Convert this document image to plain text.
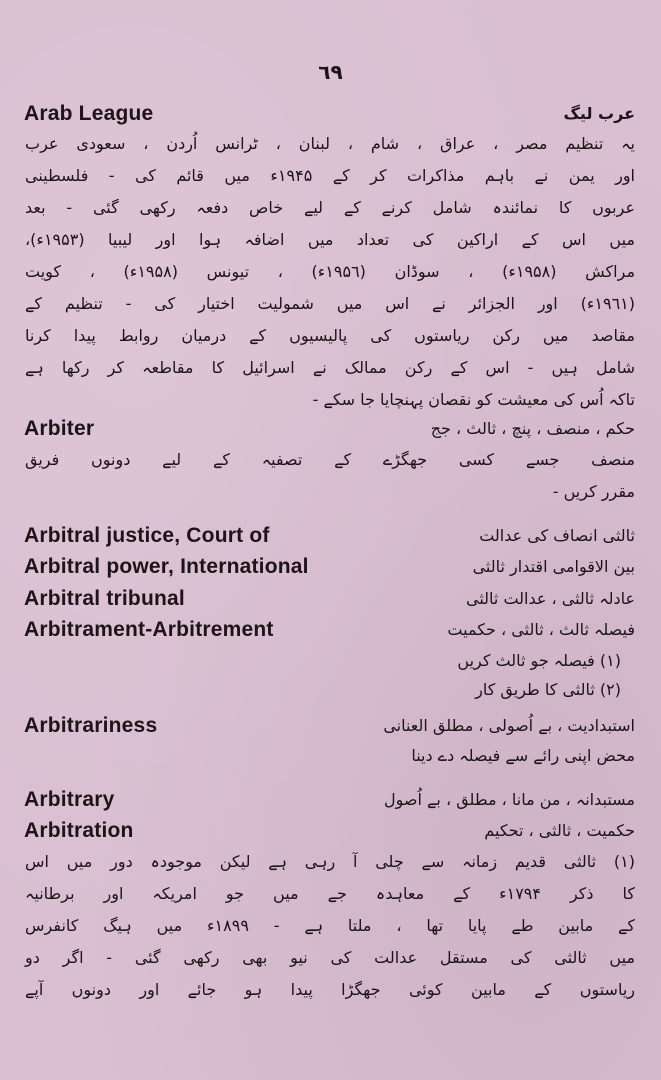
٦٩
Arab League	عرب لیگ
یہ تنظیم مصر ، عراق ، شام ، لبنان ، ٹرانس اُردن ، سعودی عرب
اور یمن نے باہم مذاکرات کر کے ۱۹۴۵ء میں قائم کی - فلسطینی
عربوں کا نمائندہ شامل کرنے کے لیے خاص دفعہ رکھی گئی - بعد
میں اس کے اراکین کی تعداد میں اضافہ ہوا اور لیبیا (۱۹۵۳ء)،
مراکش (۱۹۵۸ء) ، سوڈان (۱۹۵٦ء) ، تیونس (۱۹۵۸ء) ، کویت
(۱۹٦۱ء) اور الجزائر نے اس میں شمولیت اختیار کی - تنظیم کے
مقاصد میں رکن ریاستوں کی پالیسیوں کے درمیان روابط پیدا کرنا
شامل ہیں - اس کے رکن ممالک نے اسرائیل کا مقاطعہ کر رکھا ہے
تاکہ اُس کی معیشت کو نقصان پہنچایا جا سکے -
Arbiter	حکم ، منصف ، پنچ ، ثالث ، جج
منصف جسے کسی جھگڑے کے تصفیہ کے لیے دونوں فریق
مقرر کریں -
Arbitral justice, Court of	ثالثی انصاف کی عدالت
Arbitral power, International	بین الاقوامی اقتدار ثالثی
Arbitral tribunal	عادلہ ثالثی ، عدالت ثالثی
Arbitrament-Arbitrement	فیصلہ ثالث ، ثالثی ، حکمیت
(۱) فیصلہ جو ثالث کریں
(۲) ثالثی کا طریق کار
Arbitrariness	استبدادیت ، بے اُصولی ، مطلق العنانی
محض اپنی رائے سے فیصلہ دے دینا
Arbitrary	مستبدانہ ، من مانا ، مطلق ، بے اُصول
Arbitration	حکمیت ، ثالثی ، تحکیم
(۱) ثالثی قدیم زمانہ سے چلی آ رہی ہے لیکن موجودہ دور میں اس
کا ذکر ۱۷۹۴ء کے معاہدہ جے میں جو امریکہ اور برطانیہ
کے مابین طے پایا تھا ، ملتا ہے - ۱۸۹۹ء میں ہیگ کانفرس
میں ثالثی کی مستقل عدالت کی نیو بھی رکھی گئی - اگر دو
ریاستوں کے مابین کوئی جھگڑا پیدا ہو جائے اور دونوں آپے
